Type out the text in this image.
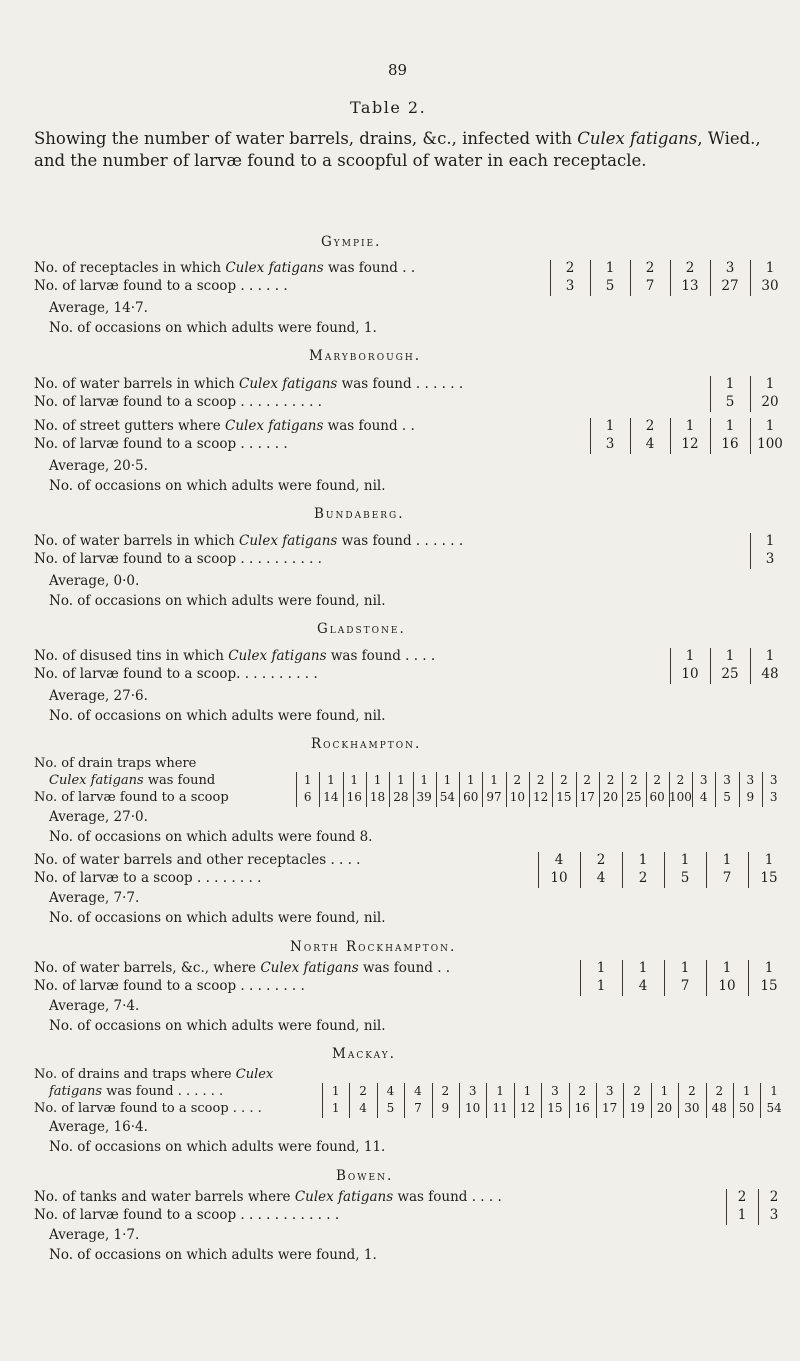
89
Table 2.
Showing the number of water barrels, drains, &c., infected with Culex fatigans, Wied., and the number of larvæ found to a scoopful of water in each receptacle.
Gympie.
No. of receptacles in which Culex fatigans was found . .
No. of larvæ found to a scoop . . . . . .
Average, 14·7.
No. of occasions on which adults were found, 1.
Maryborough.
No. of water barrels in which Culex fatigans was found . . . . . .
No. of larvæ found to a scoop . . . . . . . . . .
No. of street gutters where Culex fatigans was found . .
No. of larvæ found to a scoop . . . . . .
Average, 20·5.
No. of occasions on which adults were found, nil.
Bundaberg.
No. of water barrels in which Culex fatigans was found . . . . . .
No. of larvæ found to a scoop . . . . . . . . . .
Average, 0·0.
No. of occasions on which adults were found, nil.
Gladstone.
No. of disused tins in which Culex fatigans was found . . . .
No. of larvæ found to a scoop. . . . . . . . . .
Average, 27·6.
No. of occasions on which adults were found, nil.
Rockhampton.
No. of drain traps where
Culex fatigans was found
No. of larvæ found to a scoop
Average, 27·0.
No. of occasions on which adults were found 8.
No. of water barrels and other receptacles . . . .
No. of larvæ to a scoop . . . . . . . .
Average, 7·7.
No. of occasions on which adults were found, nil.
North Rockhampton.
No. of water barrels, &c., where Culex fatigans was found . .
No. of larvæ found to a scoop . . . . . . . .
Average, 7·4.
No. of occasions on which adults were found, nil.
Mackay.
No. of drains and traps where Culex
fatigans was found . . . . . .
No. of larvæ found to a scoop . . . .
Average, 16·4.
No. of occasions on which adults were found, 11.
Bowen.
No. of tanks and water barrels where Culex fatigans was found . . . .
No. of larvæ found to a scoop . . . . . . . . . . . .
Average, 1·7.
No. of occasions on which adults were found, 1.
2
3
1
5
2
7
2
13
3
27
1
30
1
5
1
20
1
3
2
4
1
12
1
16
1
100
1
3
1
10
1
25
1
48
4
10
2
4
1
2
1
5
1
7
1
15
1
1
1
4
1
7
1
10
1
15
2
1
2
3
1
6
1
14
1
16
1
18
1
28
1
39
1
54
1
60
1
97
2
10
2
12
2
15
2
17
2
20
2
25
2
60
2
100
3
4
3
5
3
9
3
3
1
1
2
4
4
5
4
7
2
9
3
10
1
11
1
12
3
15
2
16
3
17
2
19
1
20
2
30
2
48
1
50
1
54
